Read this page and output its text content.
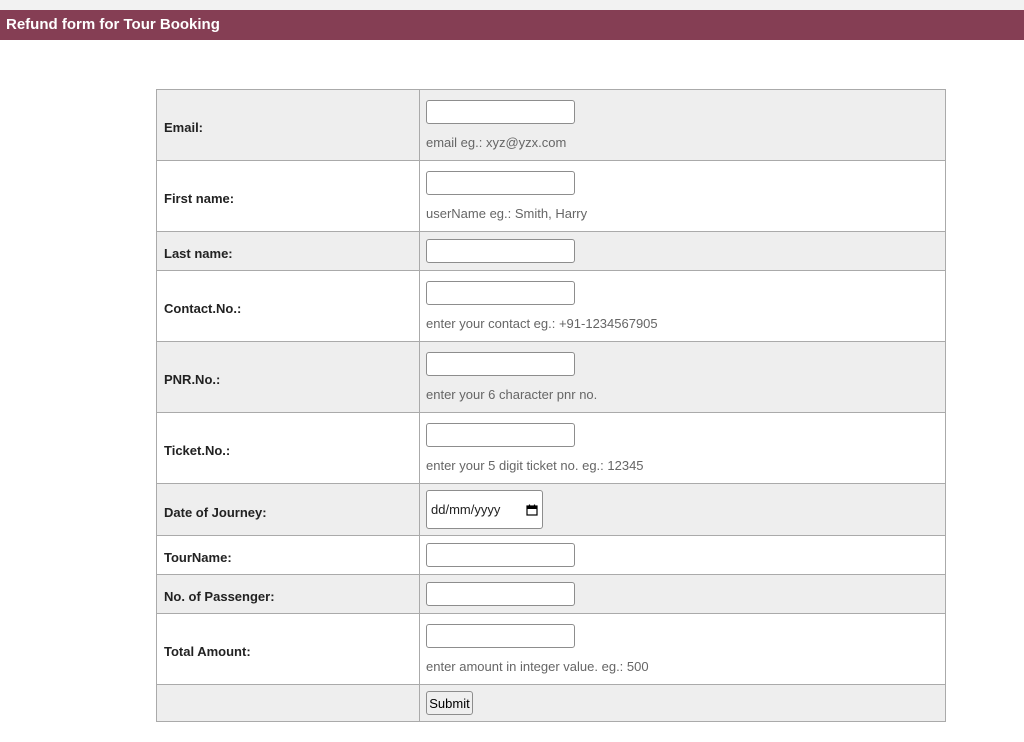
Refund form for Tour Booking
Email:	email eg.: xyz@yzx.com

First name:	userName eg.: Smith, Harry

Last name:	

Contact.No.:	enter your contact eg.: +91-1234567905

PNR.No.:	enter your 6 character pnr no.

Ticket.No.:	enter your 5 digit ticket no. eg.: 12345

Date of Journey:	dd/mm/yyyy

TourName:	

No. of Passenger:	

Total Amount:	enter amount in integer value. eg.: 500

	Submit
